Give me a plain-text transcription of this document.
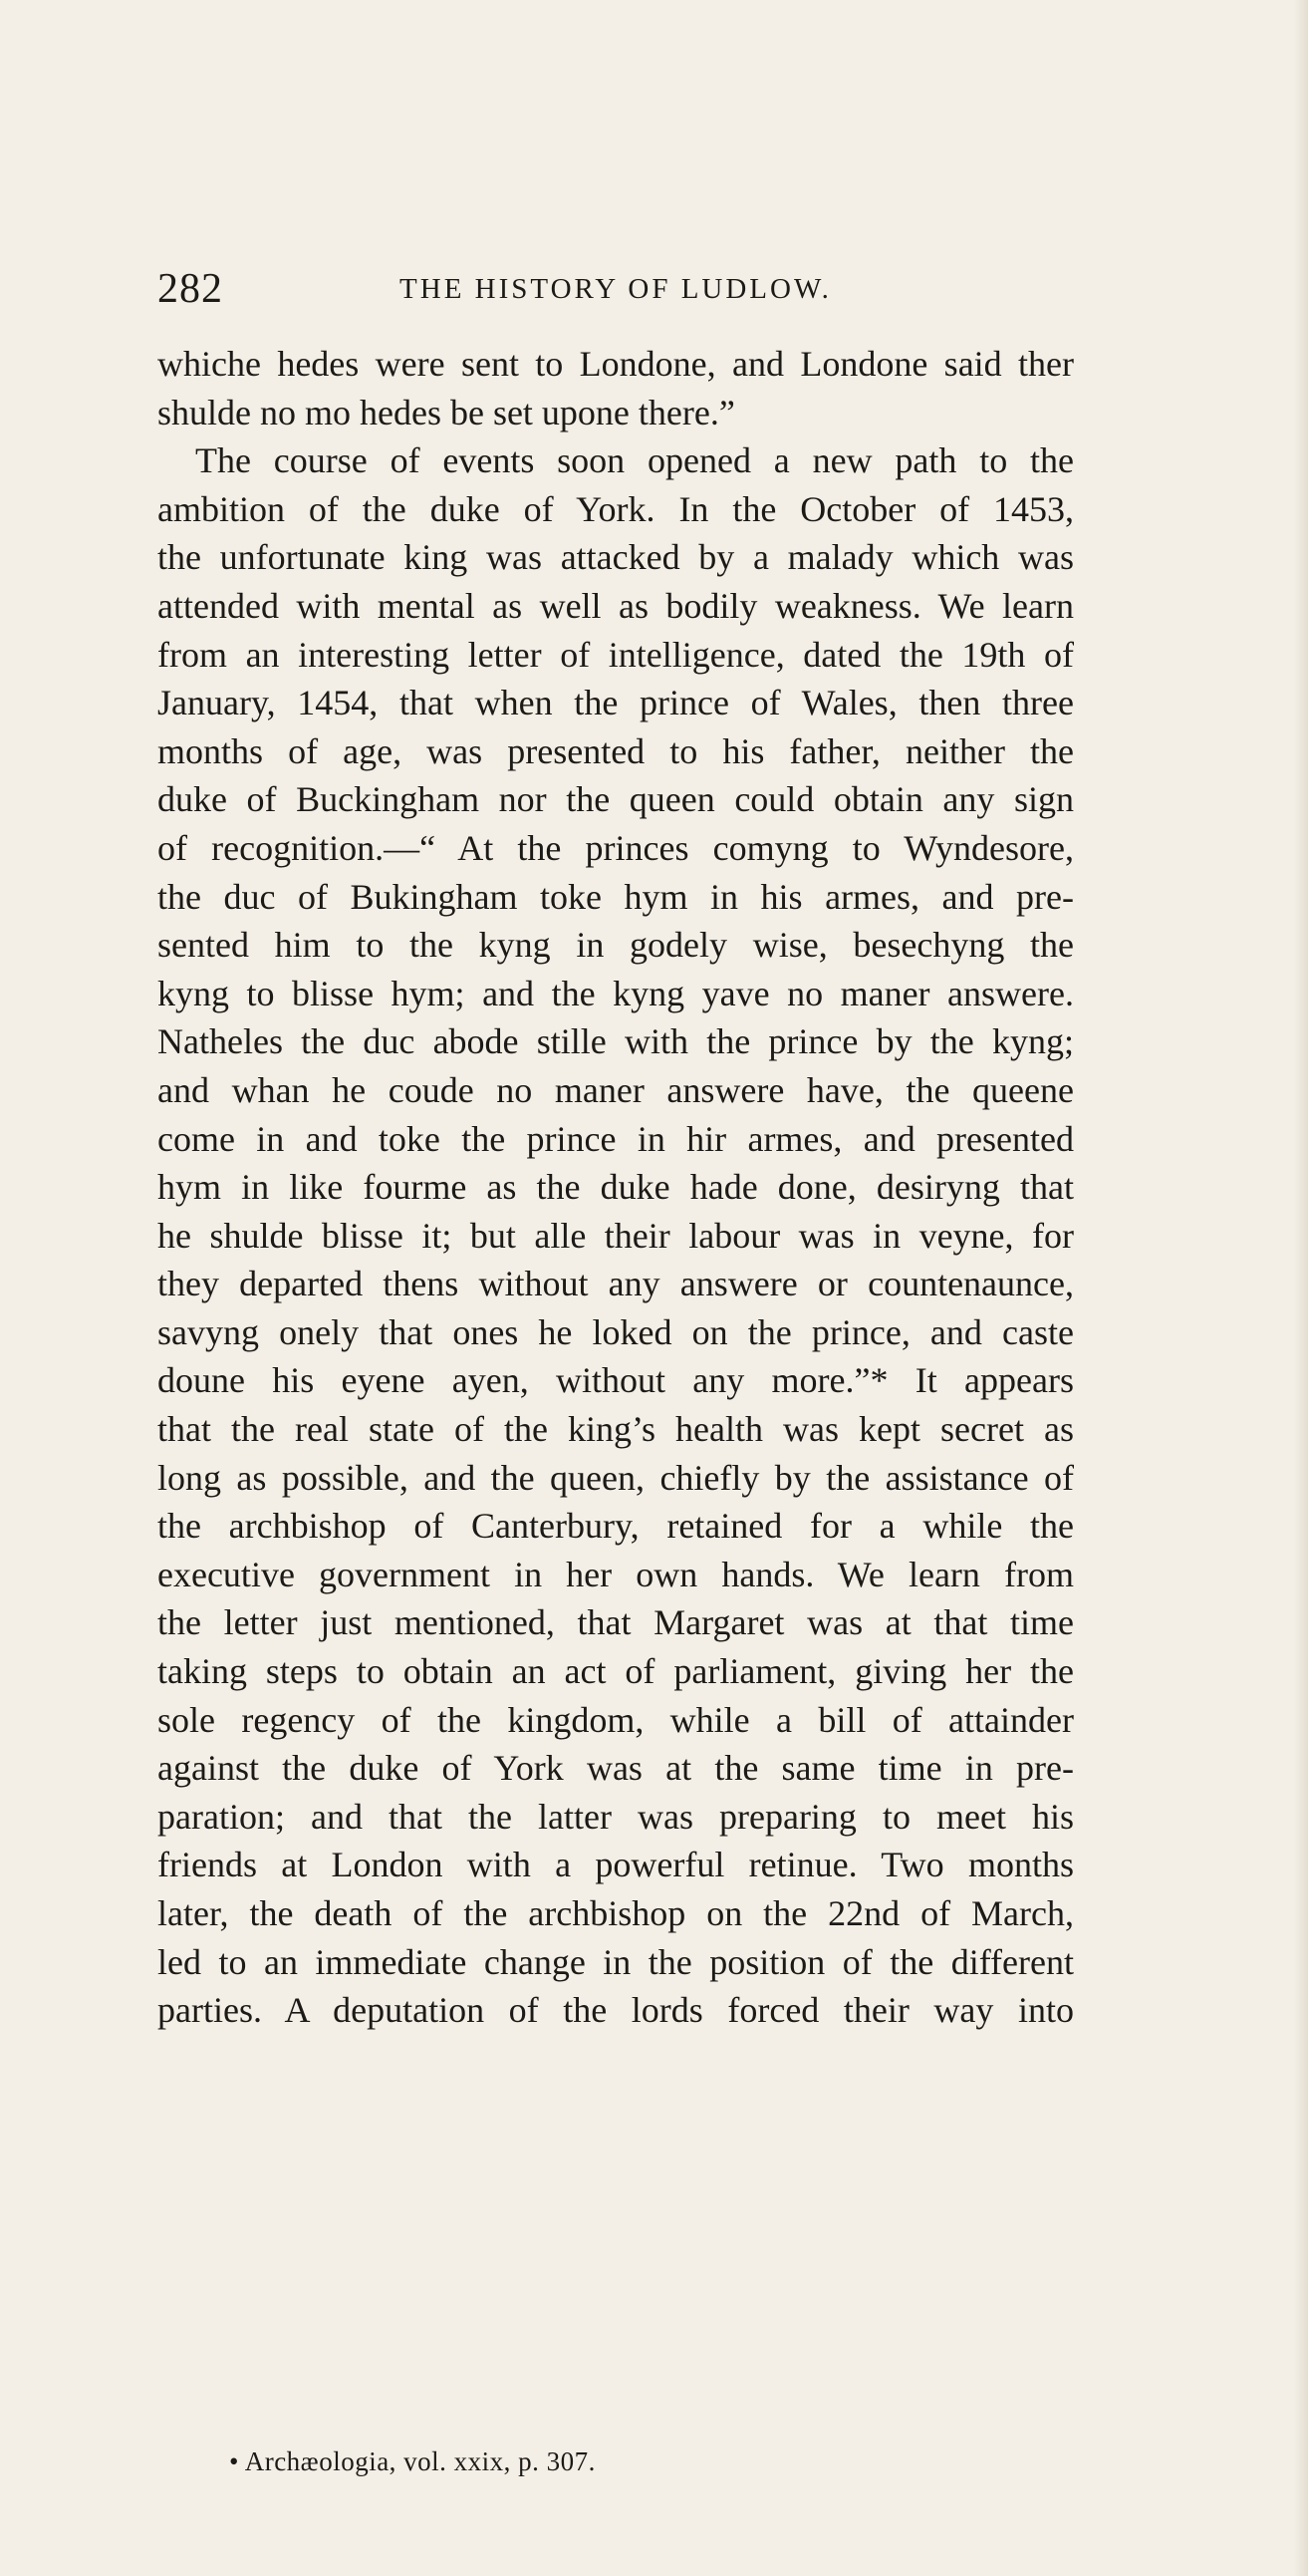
282	THE HISTORY OF LUDLOW.
whiche hedes were sent to Londone, and Londone said ther
shulde no mo hedes be set upone there.”
The course of events soon opened a new path to the
ambition of the duke of York. In the October of 1453,
the unfortunate king was attacked by a malady which was
attended with mental as well as bodily weakness. We learn
from an interesting letter of intelligence, dated the 19th of
January, 1454, that when the prince of Wales, then three
months of age, was presented to his father, neither the
duke of Buckingham nor the queen could obtain any sign
of recognition.—“ At the princes comyng to Wyndesore,
the duc of Bukingham toke hym in his armes, and pre-
sented him to the kyng in godely wise, besechyng the
kyng to blisse hym; and the kyng yave no maner answere.
Natheles the duc abode stille with the prince by the kyng;
and whan he coude no maner answere have, the queene
come in and toke the prince in hir armes, and presented
hym in like fourme as the duke hade done, desiryng that
he shulde blisse it; but alle their labour was in veyne, for
they departed thens without any answere or countenaunce,
savyng onely that ones he loked on the prince, and caste
doune his eyene ayen, without any more.”* It appears
that the real state of the king’s health was kept secret as
long as possible, and the queen, chiefly by the assistance of
the archbishop of Canterbury, retained for a while the
executive government in her own hands. We learn from
the letter just mentioned, that Margaret was at that time
taking steps to obtain an act of parliament, giving her the
sole regency of the kingdom, while a bill of attainder
against the duke of York was at the same time in pre-
paration; and that the latter was preparing to meet his
friends at London with a powerful retinue. Two months
later, the death of the archbishop on the 22nd of March,
led to an immediate change in the position of the different
parties. A deputation of the lords forced their way into
• Archæologia, vol. xxix, p. 307.
